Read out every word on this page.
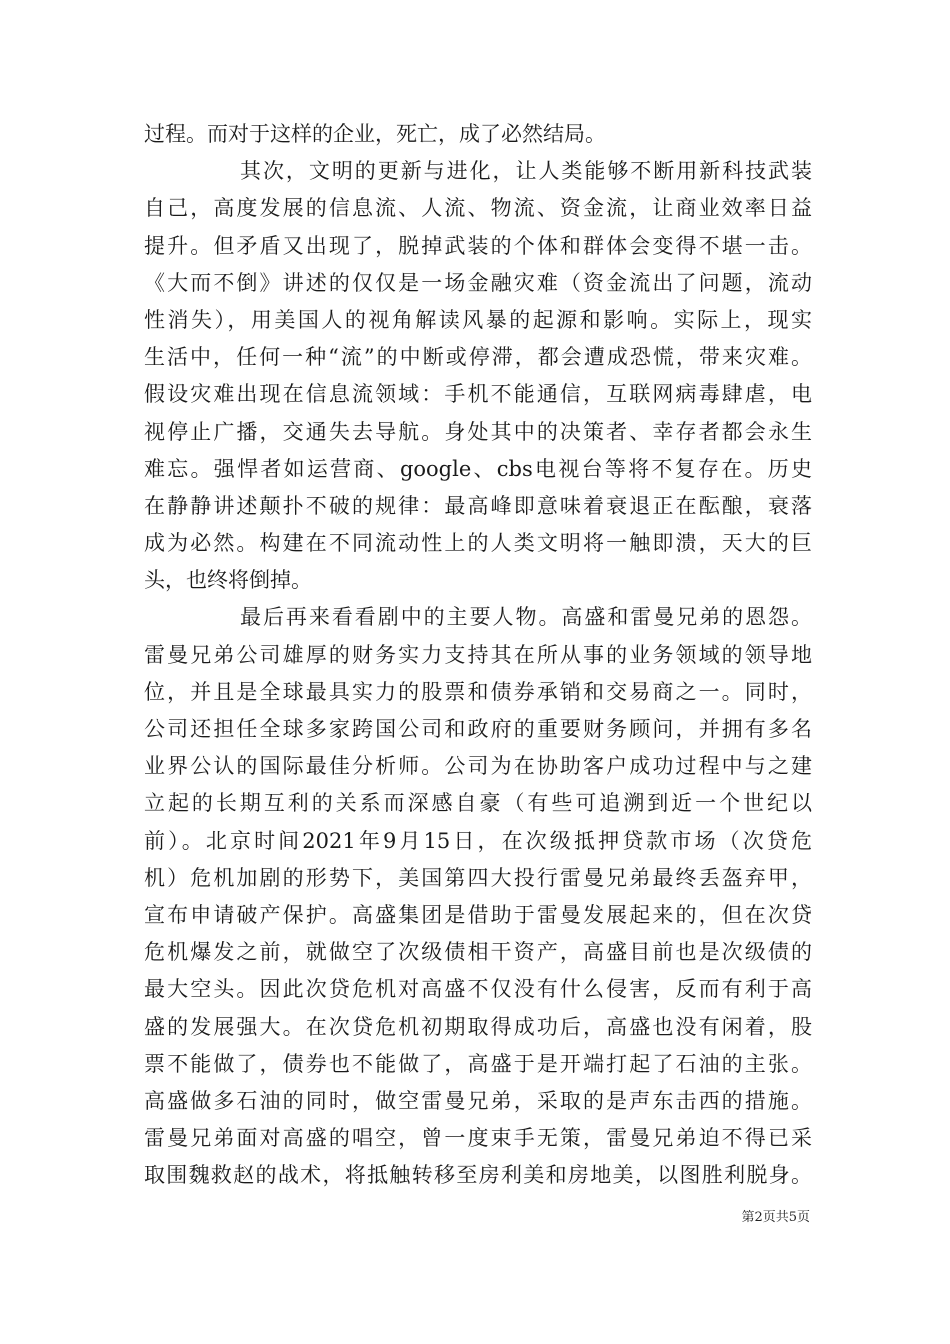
过程。而对于这样的企业，死亡，成了必然结局。
其次，文明的更新与进化，让人类能够不断用新科技武装
自己，高度发展的信息流、人流、物流、资金流，让商业效率日益
提升。但矛盾又出现了，脱掉武装的个体和群体会变得不堪一击。
《大而不倒》讲述的仅仅是一场金融灾难（资金流出了问题，流动
性消失），用美国人的视角解读风暴的起源和影响。实际上，现实
生活中，任何一种“流”的中断或停滞，都会遭成恐慌，带来灾难。
假设灾难出现在信息流领域：手机不能通信，互联网病毒肆虐，电
视停止广播，交通失去导航。身处其中的决策者、幸存者都会永生
难忘。强悍者如运营商、google、cbs电视台等将不复存在。历史
在静静讲述颠扑不破的规律：最高峰即意味着衰退正在酝酿，衰落
成为必然。构建在不同流动性上的人类文明将一触即溃，天大的巨
头，也终将倒掉。
最后再来看看剧中的主要人物。高盛和雷曼兄弟的恩怨。
雷曼兄弟公司雄厚的财务实力支持其在所从事的业务领域的领导地
位，并且是全球最具实力的股票和债券承销和交易商之一。同时，
公司还担任全球多家跨国公司和政府的重要财务顾问，并拥有多名
业界公认的国际最佳分析师。公司为在协助客户成功过程中与之建
立起的长期互利的关系而深感自豪（有些可追溯到近一个世纪以
前）。北京时间2021年9月15日，在次级抵押贷款市场（次贷危
机）危机加剧的形势下，美国第四大投行雷曼兄弟最终丢盔弃甲，
宣布申请破产保护。高盛集团是借助于雷曼发展起来的，但在次贷
危机爆发之前，就做空了次级债相干资产，高盛目前也是次级债的
最大空头。因此次贷危机对高盛不仅没有什么侵害，反而有利于高
盛的发展强大。在次贷危机初期取得成功后，高盛也没有闲着，股
票不能做了，债券也不能做了，高盛于是开端打起了石油的主张。
高盛做多石油的同时，做空雷曼兄弟，采取的是声东击西的措施。
雷曼兄弟面对高盛的唱空，曾一度束手无策，雷曼兄弟迫不得已采
取围魏救赵的战术，将抵触转移至房利美和房地美，以图胜利脱身。
第2页共5页
